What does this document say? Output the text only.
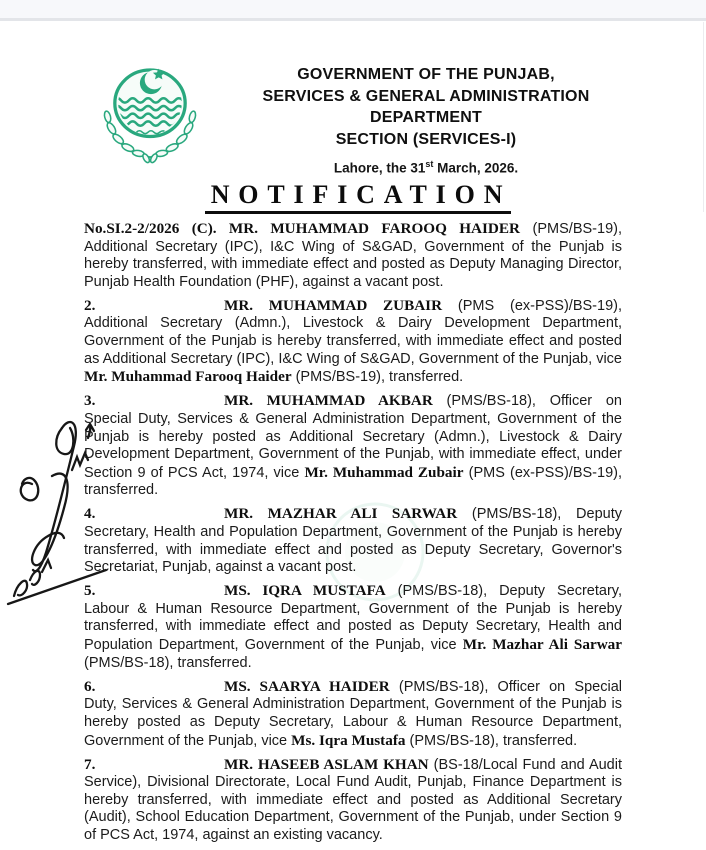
GOVERNMENT OF THE PUNJAB,
SERVICES & GENERAL ADMINISTRATION
DEPARTMENT
SECTION (SERVICES-I)
Lahore, the 31st March, 2026.
NOTIFICATION

No.SI.2-2/2026 (C). MR. MUHAMMAD FAROOQ HAIDER (PMS/BS-19), Additional Secretary (IPC), I&C Wing of S&GAD, Government of the Punjab is hereby transferred, with immediate effect and posted as Deputy Managing Director, Punjab Health Foundation (PHF), against a vacant post.

2.	MR. MUHAMMAD ZUBAIR (PMS (ex-PSS)/BS-19), Additional Secretary (Admn.), Livestock & Dairy Development Department, Government of the Punjab is hereby transferred, with immediate effect and posted as Additional Secretary (IPC), I&C Wing of S&GAD, Government of the Punjab, vice Mr. Muhammad Farooq Haider (PMS/BS-19), transferred.

3.	MR. MUHAMMAD AKBAR (PMS/BS-18), Officer on Special Duty, Services & General Administration Department, Government of the Punjab is hereby posted as Additional Secretary (Admn.), Livestock & Dairy Development Department, Government of the Punjab, with immediate effect, under Section 9 of PCS Act, 1974, vice Mr. Muhammad Zubair (PMS (ex-PSS)/BS-19), transferred.

4.	MR. MAZHAR ALI SARWAR (PMS/BS-18), Deputy Secretary, Health and Population Department, Government of the Punjab is hereby transferred, with immediate effect and posted as Deputy Secretary, Governor's Secretariat, Punjab, against a vacant post.

5.	MS. IQRA MUSTAFA (PMS/BS-18), Deputy Secretary, Labour & Human Resource Department, Government of the Punjab is hereby transferred, with immediate effect and posted as Deputy Secretary, Health and Population Department, Government of the Punjab, vice Mr. Mazhar Ali Sarwar (PMS/BS-18), transferred.

6.	MS. SAARYA HAIDER (PMS/BS-18), Officer on Special Duty, Services & General Administration Department, Government of the Punjab is hereby posted as Deputy Secretary, Labour & Human Resource Department, Government of the Punjab, vice Ms. Iqra Mustafa (PMS/BS-18), transferred.

7.	MR. HASEEB ASLAM KHAN (BS-18/Local Fund and Audit Service), Divisional Directorate, Local Fund Audit, Punjab, Finance Department is hereby transferred, with immediate effect and posted as Additional Secretary (Audit), School Education Department, Government of the Punjab, under Section 9 of PCS Act, 1974, against an existing vacancy.
